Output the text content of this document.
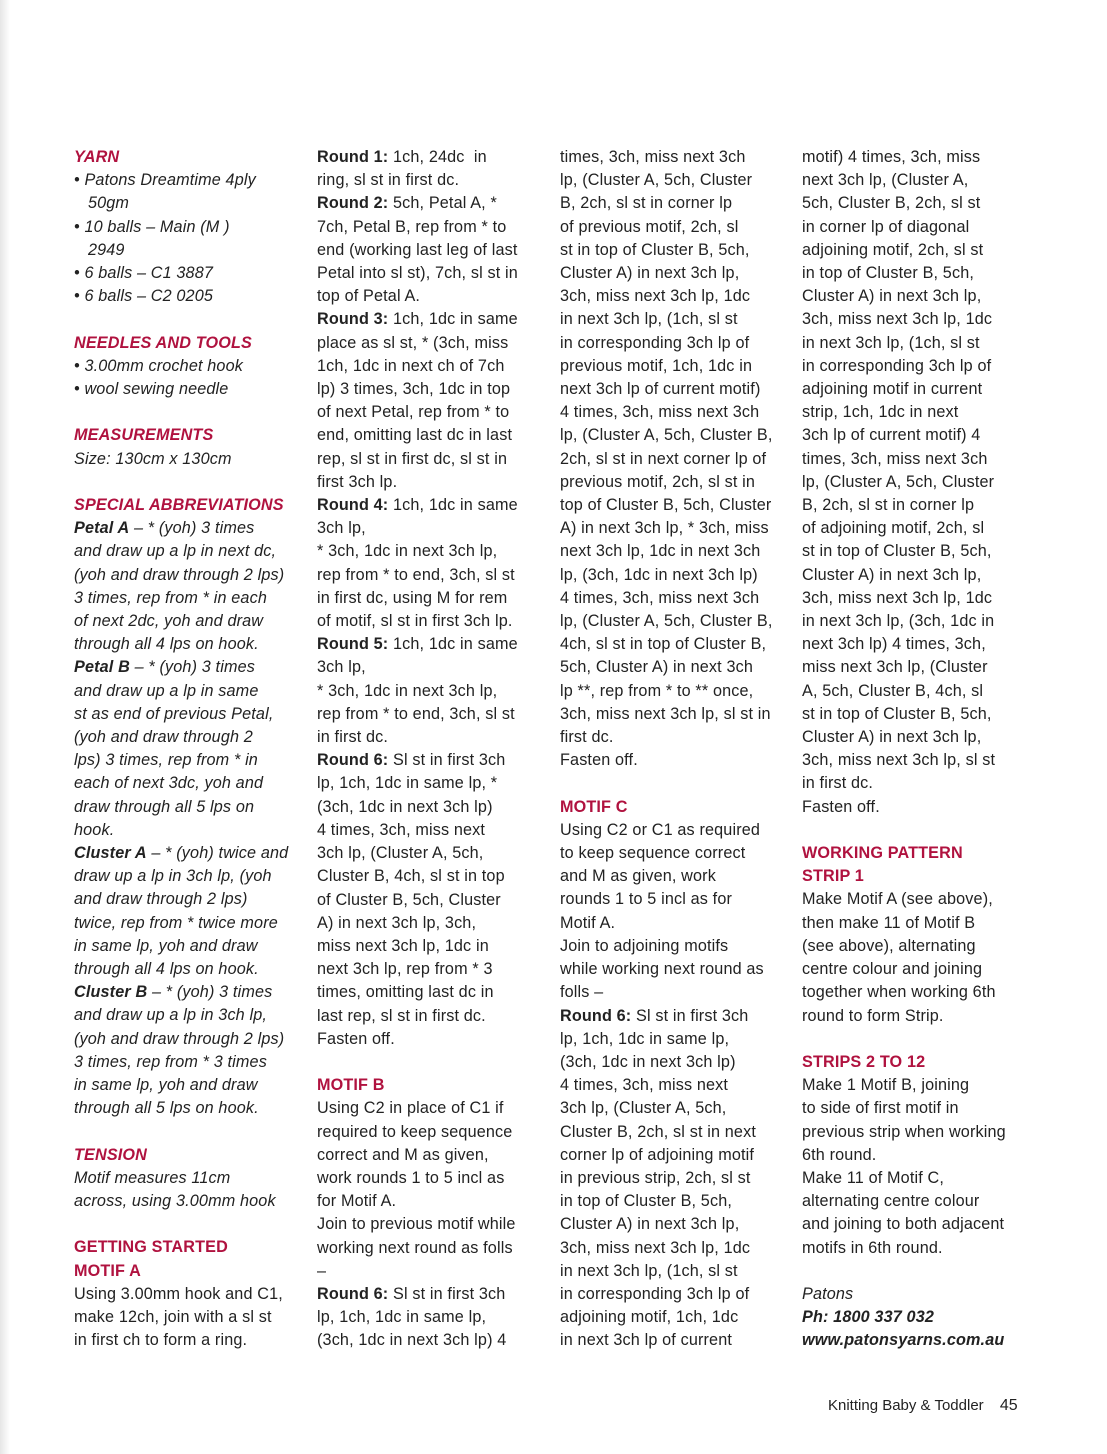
YARN
• Patons Dreamtime 4ply
50gm
• 10 balls – Main (M )
2949
• 6 balls – C1 3887
• 6 balls – C2 0205
NEEDLES AND TOOLS
• 3.00mm crochet hook
• wool sewing needle
MEASUREMENTS
Size: 130cm x 130cm
SPECIAL ABBREVIATIONS
Petal A – * (yoh) 3 times
and draw up a lp in next dc,
(yoh and draw through 2 lps)
3 times, rep from * in each
of next 2dc, yoh and draw
through all 4 lps on hook.
Petal B – * (yoh) 3 times
and draw up a lp in same
st as end of previous Petal,
(yoh and draw through 2
lps) 3 times, rep from * in
each of next 3dc, yoh and
draw through all 5 lps on
hook.
Cluster A – * (yoh) twice and
draw up a lp in 3ch lp, (yoh
and draw through 2 lps)
twice, rep from * twice more
in same lp, yoh and draw
through all 4 lps on hook.
Cluster B – * (yoh) 3 times
and draw up a lp in 3ch lp,
(yoh and draw through 2 lps)
3 times, rep from * 3 times
in same lp, yoh and draw
through all 5 lps on hook.
TENSION
Motif measures 11cm
across, using 3.00mm hook
GETTING STARTED
MOTIF A
Using 3.00mm hook and C1,
make 12ch, join with a sl st
in first ch to form a ring.
Round 1: 1ch, 24dc  in
ring, sl st in first dc.
Round 2: 5ch, Petal A, *
7ch, Petal B, rep from * to
end (working last leg of last
Petal into sl st), 7ch, sl st in
top of Petal A.
Round 3: 1ch, 1dc in same
place as sl st, * (3ch, miss
1ch, 1dc in next ch of 7ch
lp) 3 times, 3ch, 1dc in top
of next Petal, rep from * to
end, omitting last dc in last
rep, sl st in first dc, sl st in
first 3ch lp.
Round 4: 1ch, 1dc in same
3ch lp,
* 3ch, 1dc in next 3ch lp,
rep from * to end, 3ch, sl st
in first dc, using M for rem
of motif, sl st in first 3ch lp.
Round 5: 1ch, 1dc in same
3ch lp,
* 3ch, 1dc in next 3ch lp,
rep from * to end, 3ch, sl st
in first dc.
Round 6: Sl st in first 3ch
lp, 1ch, 1dc in same lp, *
(3ch, 1dc in next 3ch lp)
4 times, 3ch, miss next
3ch lp, (Cluster A, 5ch,
Cluster B, 4ch, sl st in top
of Cluster B, 5ch, Cluster
A) in next 3ch lp, 3ch,
miss next 3ch lp, 1dc in
next 3ch lp, rep from * 3
times, omitting last dc in
last rep, sl st in first dc.
Fasten off.
MOTIF B
Using C2 in place of C1 if
required to keep sequence
correct and M as given,
work rounds 1 to 5 incl as
for Motif A.
Join to previous motif while
working next round as folls
–
Round 6: Sl st in first 3ch
lp, 1ch, 1dc in same lp,
(3ch, 1dc in next 3ch lp) 4
times, 3ch, miss next 3ch
lp, (Cluster A, 5ch, Cluster
B, 2ch, sl st in corner lp
of previous motif, 2ch, sl
st in top of Cluster B, 5ch,
Cluster A) in next 3ch lp,
3ch, miss next 3ch lp, 1dc
in next 3ch lp, (1ch, sl st
in corresponding 3ch lp of
previous motif, 1ch, 1dc in
next 3ch lp of current motif)
4 times, 3ch, miss next 3ch
lp, (Cluster A, 5ch, Cluster B,
2ch, sl st in next corner lp of
previous motif, 2ch, sl st in
top of Cluster B, 5ch, Cluster
A) in next 3ch lp, * 3ch, miss
next 3ch lp, 1dc in next 3ch
lp, (3ch, 1dc in next 3ch lp)
4 times, 3ch, miss next 3ch
lp, (Cluster A, 5ch, Cluster B,
4ch, sl st in top of Cluster B,
5ch, Cluster A) in next 3ch
lp **, rep from * to ** once,
3ch, miss next 3ch lp, sl st in
first dc.
Fasten off.
MOTIF C
Using C2 or C1 as required
to keep sequence correct
and M as given, work
rounds 1 to 5 incl as for
Motif A.
Join to adjoining motifs
while working next round as
folls –
Round 6: Sl st in first 3ch
lp, 1ch, 1dc in same lp,
(3ch, 1dc in next 3ch lp)
4 times, 3ch, miss next
3ch lp, (Cluster A, 5ch,
Cluster B, 2ch, sl st in next
corner lp of adjoining motif
in previous strip, 2ch, sl st
in top of Cluster B, 5ch,
Cluster A) in next 3ch lp,
3ch, miss next 3ch lp, 1dc
in next 3ch lp, (1ch, sl st
in corresponding 3ch lp of
adjoining motif, 1ch, 1dc
in next 3ch lp of current
motif) 4 times, 3ch, miss
next 3ch lp, (Cluster A,
5ch, Cluster B, 2ch, sl st
in corner lp of diagonal
adjoining motif, 2ch, sl st
in top of Cluster B, 5ch,
Cluster A) in next 3ch lp,
3ch, miss next 3ch lp, 1dc
in next 3ch lp, (1ch, sl st
in corresponding 3ch lp of
adjoining motif in current
strip, 1ch, 1dc in next
3ch lp of current motif) 4
times, 3ch, miss next 3ch
lp, (Cluster A, 5ch, Cluster
B, 2ch, sl st in corner lp
of adjoining motif, 2ch, sl
st in top of Cluster B, 5ch,
Cluster A) in next 3ch lp,
3ch, miss next 3ch lp, 1dc
in next 3ch lp, (3ch, 1dc in
next 3ch lp) 4 times, 3ch,
miss next 3ch lp, (Cluster
A, 5ch, Cluster B, 4ch, sl
st in top of Cluster B, 5ch,
Cluster A) in next 3ch lp,
3ch, miss next 3ch lp, sl st
in first dc.
Fasten off.
WORKING PATTERN
STRIP 1
Make Motif A (see above),
then make 11 of Motif B
(see above), alternating
centre colour and joining
together when working 6th
round to form Strip.
STRIPS 2 TO 12
Make 1 Motif B, joining
to side of first motif in
previous strip when working
6th round.
Make 11 of Motif C,
alternating centre colour
and joining to both adjacent
motifs in 6th round.
Patons
Ph: 1800 337 032
www.patonsyarns.com.au
Knitting Baby & Toddler 45
